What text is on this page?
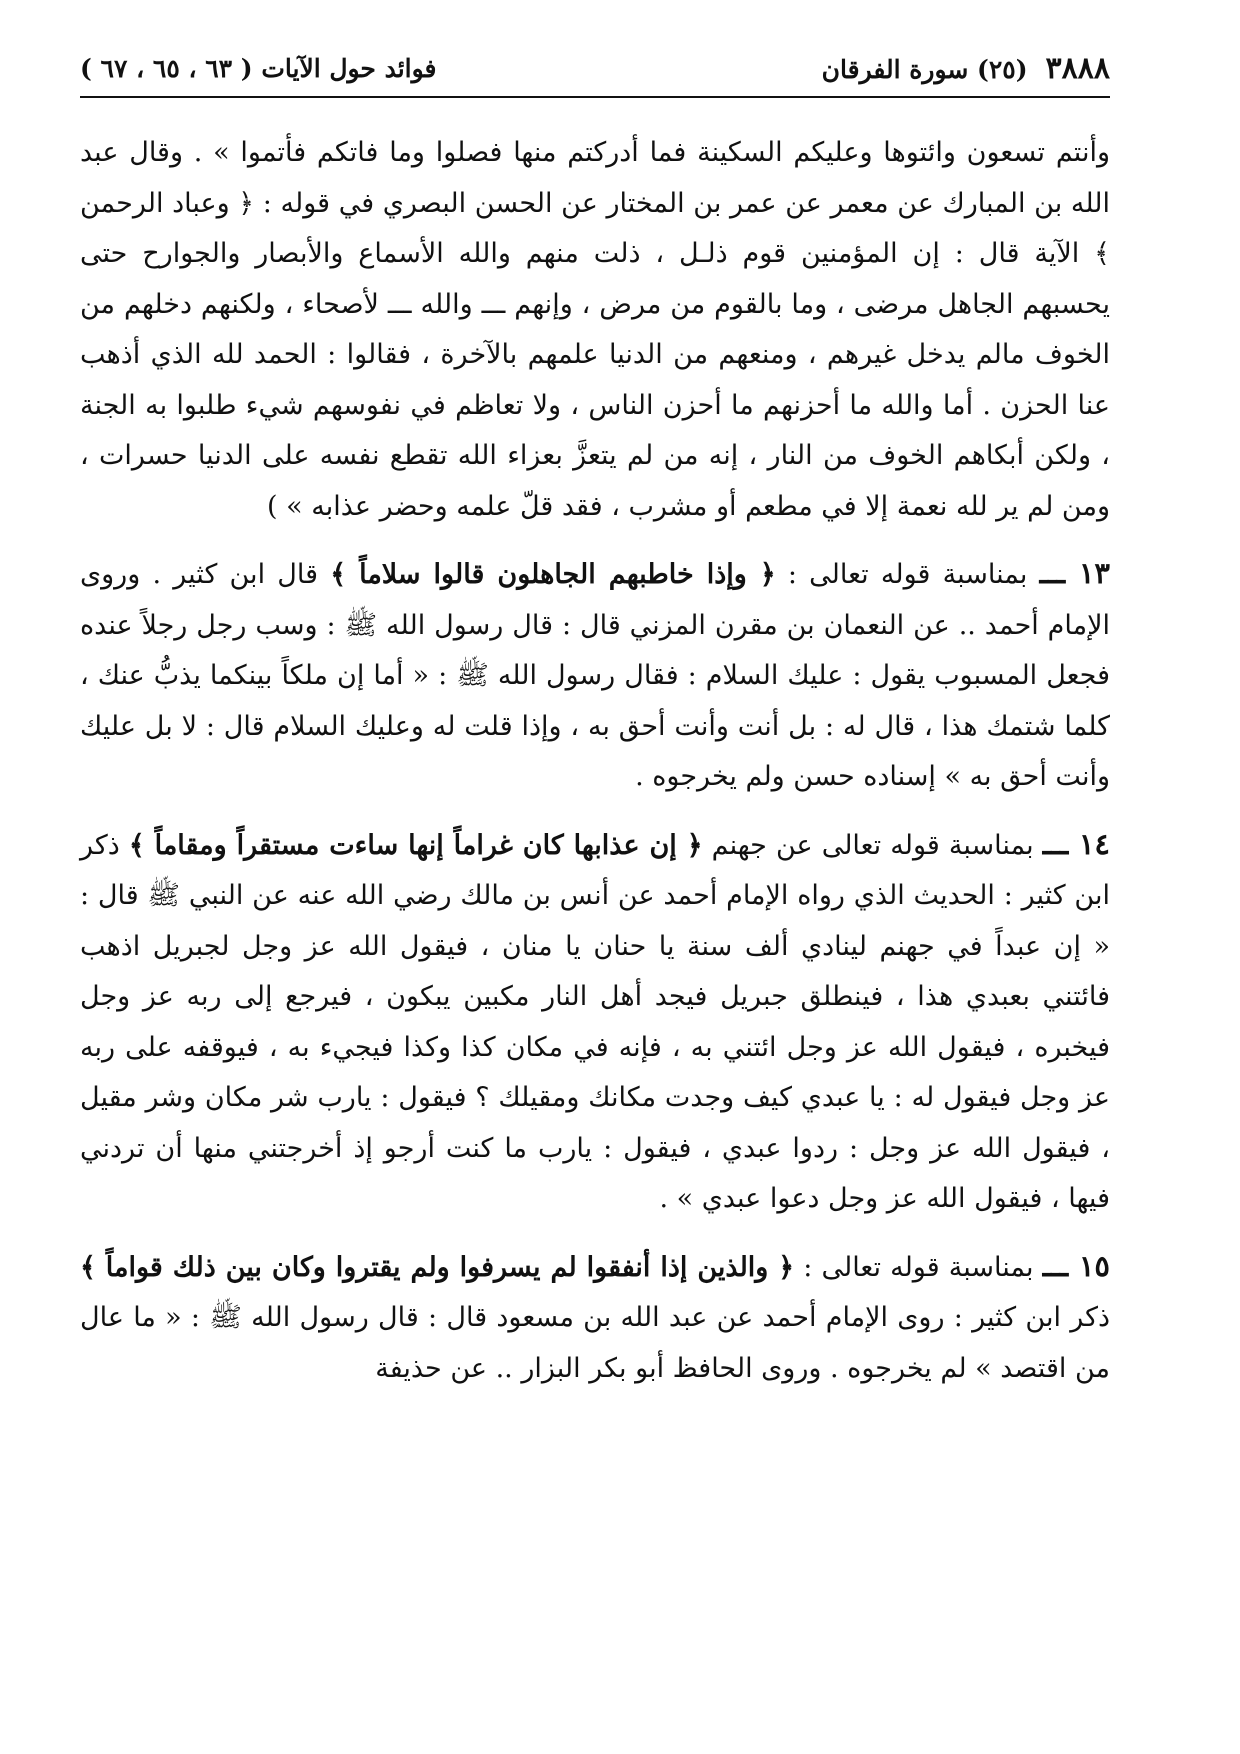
٣٨٨٨
(٢٥) سورة الفرقان
فوائد حول الآيات ( ٦٣ ، ٦٥ ، ٦٧ )

وأنتم تسعون وائتوها وعليكم السكينة فما أدركتم منها فصلوا وما فاتكم فأتموا » . وقال عبد الله بن المبارك عن معمر عن عمر بن المختار عن الحسن البصري في قوله : ﴿ وعباد الرحمن ﴾ الآية قال : إن المؤمنين قوم ذلـل ، ذلت منهم والله الأسماع والأبصار والجوارح حتى يحسبهم الجاهل مرضى ، وما بالقوم من مرض ، وإنهم ـــ والله ـــ لأصحاء ، ولكنهم دخلهم من الخوف مالم يدخل غيرهم ، ومنعهم من الدنيا علمهم بالآخرة ، فقالوا : الحمد لله الذي أذهب عنا الحزن . أما والله ما أحزنهم ما أحزن الناس ، ولا تعاظم في نفوسهم شيء طلبوا به الجنة ، ولكن أبكاهم الخوف من النار ، إنه من لم يتعزَّ بعزاء الله تقطع نفسه على الدنيا حسرات ، ومن لم ير لله نعمة إلا في مطعم أو مشرب ، فقد قلّ علمه وحضر عذابه » )

١٣ ـــ بمناسبة قوله تعالى : ﴿ وإذا خاطبهم الجاهلون قالوا سلاماً ﴾ قال ابن كثير . وروى الإمام أحمد .. عن النعمان بن مقرن المزني قال : قال رسول الله ﷺ : وسب رجل رجلاً عنده فجعل المسبوب يقول : عليك السلام : فقال رسول الله ﷺ : « أما إن ملكاً بينكما يذبُّ عنك ، كلما شتمك هذا ، قال له : بل أنت وأنت أحق به ، وإذا قلت له وعليك السلام قال : لا بل عليك وأنت أحق به » إسناده حسن ولم يخرجوه .

١٤ ـــ بمناسبة قوله تعالى عن جهنم ﴿ إن عذابها كان غراماً إنها ساءت مستقراً ومقاماً ﴾ ذكر ابن كثير : الحديث الذي رواه الإمام أحمد عن أنس بن مالك رضي الله عنه عن النبي ﷺ قال : « إن عبداً في جهنم لينادي ألف سنة يا حنان يا منان ، فيقول الله عز وجل لجبريل اذهب فائتني بعبدي هذا ، فينطلق جبريل فيجد أهل النار مكبين يبكون ، فيرجع إلى ربه عز وجل فيخبره ، فيقول الله عز وجل ائتني به ، فإنه في مكان كذا وكذا فيجيء به ، فيوقفه على ربه عز وجل فيقول له : يا عبدي كيف وجدت مكانك ومقيلك ؟ فيقول : يارب شر مكان وشر مقيل ، فيقول الله عز وجل : ردوا عبدي ، فيقول : يارب ما كنت أرجو إذ أخرجتني منها أن تردني فيها ، فيقول الله عز وجل دعوا عبدي » .

١٥ ـــ بمناسبة قوله تعالى : ﴿ والذين إذا أنفقوا لم يسرفوا ولم يقتروا وكان بين ذلك قواماً ﴾ ذكر ابن كثير : روى الإمام أحمد عن عبد الله بن مسعود قال : قال رسول الله ﷺ : « ما عال من اقتصد » لم يخرجوه . وروى الحافظ أبو بكر البزار .. عن حذيفة
